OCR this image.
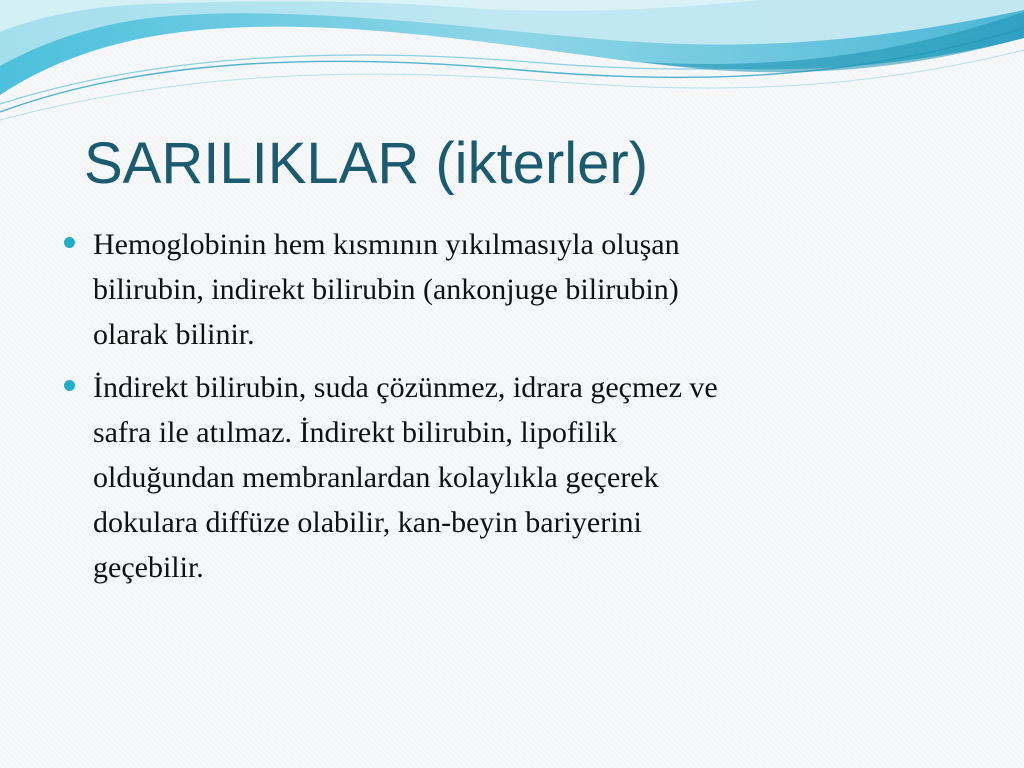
SARILIKLAR (ikterler)
Hemoglobinin hem kısmının yıkılmasıyla oluşan
bilirubin, indirekt bilirubin (ankonjuge bilirubin)
olarak bilinir.
İndirekt bilirubin, suda çözünmez, idrara geçmez ve
safra ile atılmaz. İndirekt bilirubin, lipofilik
olduğundan membranlardan kolaylıkla geçerek
dokulara diffüze olabilir, kan-beyin bariyerini
geçebilir.
